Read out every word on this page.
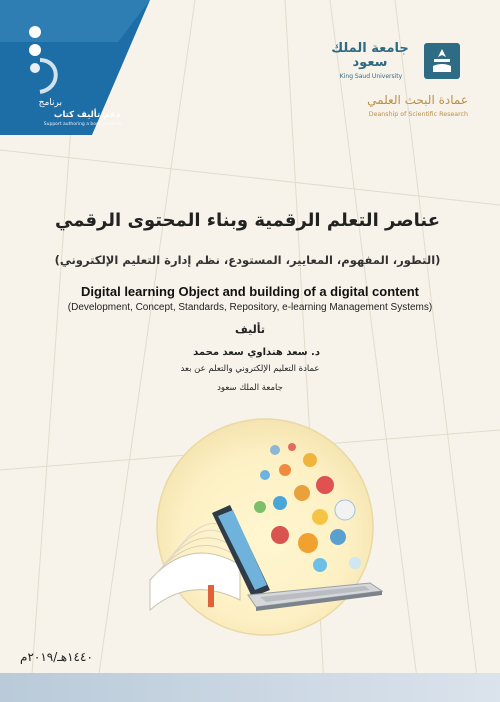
برنامج
دعم تأليف كتاب
Support authoring a book program
جامعة الملك سعود
King Saud University
عمادة البحث العلمي
Deanship of Scientific Research
عناصر التعلم الرقمية وبناء المحتوى الرقمي
(التطور، المفهوم، المعايير، المستودع، نظم إدارة التعليم الإلكتروني)
Digital learning Object and building of a digital content
(Development, Concept, Standards, Repository, e-learning Management Systems)
تأليف
د. سعد هنداوي سعد محمد
عمادة التعليم الإلكتروني والتعلم عن بعد
جامعة الملك سعود
١٤٤٠هـ/٢٠١٩م
